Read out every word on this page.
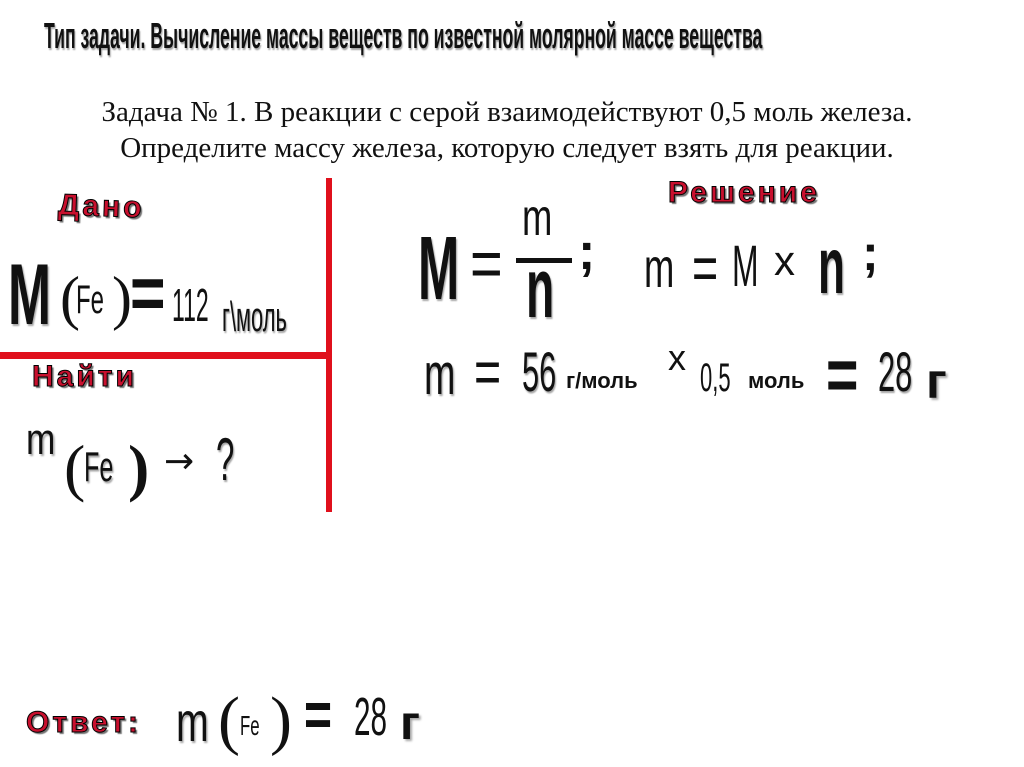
Тип задачи. Вычисление массы веществ по известной молярной массе вещества
Задача № 1. В реакции с серой взаимодействуют 0,5 моль железа.
Определите массу железа, которую следует взять для реакции.
Дано
M (
Fe )
= 112 г\моль
Найти
m (
Fe ) → ?
Решение
M =
m
n ; m = M x n ;
m = 56 г/моль
x 0,5 моль = 28 г
Ответ: m ( Fe ) = 28 г
